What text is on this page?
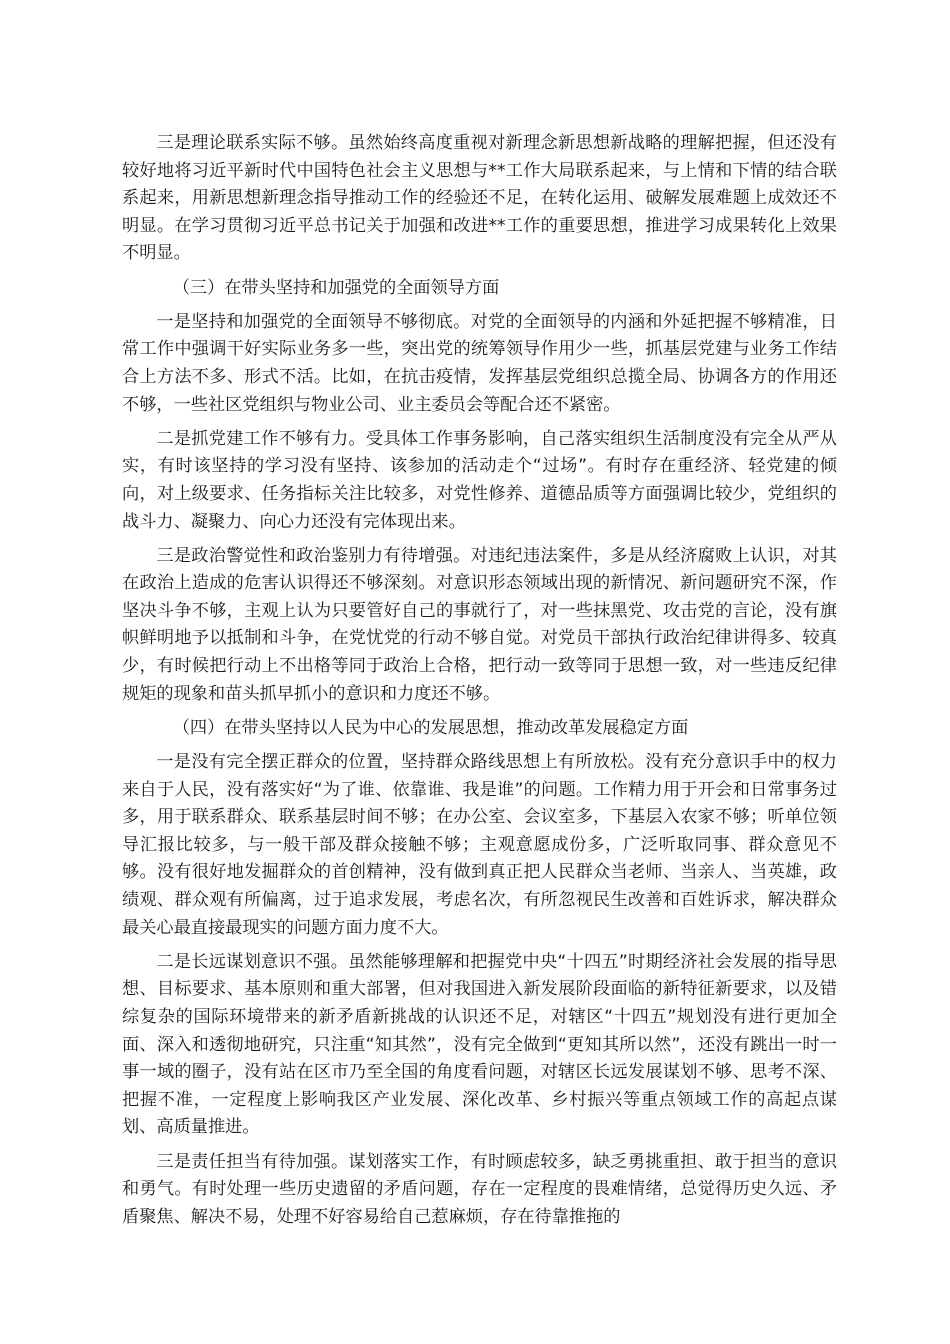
三是理论联系实际不够。虽然始终高度重视对新理念新思想新战略的理解把握，但还没有较好地将习近平新时代中国特色社会主义思想与**工作大局联系起来，与上情和下情的结合联系起来，用新思想新理念指导推动工作的经验还不足，在转化运用、破解发展难题上成效还不明显。在学习贯彻习近平总书记关于加强和改进**工作的重要思想，推进学习成果转化上效果不明显。

（三）在带头坚持和加强党的全面领导方面

一是坚持和加强党的全面领导不够彻底。对党的全面领导的内涵和外延把握不够精准，日常工作中强调干好实际业务多一些，突出党的统筹领导作用少一些，抓基层党建与业务工作结合上方法不多、形式不活。比如，在抗击疫情，发挥基层党组织总揽全局、协调各方的作用还不够，一些社区党组织与物业公司、业主委员会等配合还不紧密。

二是抓党建工作不够有力。受具体工作事务影响，自己落实组织生活制度没有完全从严从实，有时该坚持的学习没有坚持、该参加的活动走个“过场”。有时存在重经济、轻党建的倾向，对上级要求、任务指标关注比较多，对党性修养、道德品质等方面强调比较少，党组织的战斗力、凝聚力、向心力还没有完体现出来。

三是政治警觉性和政治鉴别力有待增强。对违纪违法案件，多是从经济腐败上认识，对其在政治上造成的危害认识得还不够深刻。对意识形态领域出现的新情况、新问题研究不深，作坚决斗争不够，主观上认为只要管好自己的事就行了，对一些抹黑党、攻击党的言论，没有旗帜鲜明地予以抵制和斗争，在党忧党的行动不够自觉。对党员干部执行政治纪律讲得多、较真少，有时候把行动上不出格等同于政治上合格，把行动一致等同于思想一致，对一些违反纪律规矩的现象和苗头抓早抓小的意识和力度还不够。

（四）在带头坚持以人民为中心的发展思想，推动改革发展稳定方面

一是没有完全摆正群众的位置，坚持群众路线思想上有所放松。没有充分意识手中的权力来自于人民，没有落实好“为了谁、依靠谁、我是谁”的问题。工作精力用于开会和日常事务过多，用于联系群众、联系基层时间不够；在办公室、会议室多，下基层入农家不够；听单位领导汇报比较多，与一般干部及群众接触不够；主观意愿成份多，广泛听取同事、群众意见不够。没有很好地发掘群众的首创精神，没有做到真正把人民群众当老师、当亲人、当英雄，政绩观、群众观有所偏离，过于追求发展，考虑名次，有所忽视民生改善和百姓诉求，解决群众最关心最直接最现实的问题方面力度不大。

二是长远谋划意识不强。虽然能够理解和把握党中央“十四五”时期经济社会发展的指导思想、目标要求、基本原则和重大部署，但对我国进入新发展阶段面临的新特征新要求，以及错综复杂的国际环境带来的新矛盾新挑战的认识还不足，对辖区“十四五”规划没有进行更加全面、深入和透彻地研究，只注重“知其然”，没有完全做到“更知其所以然”，还没有跳出一时一事一域的圈子，没有站在区市乃至全国的角度看问题，对辖区长远发展谋划不够、思考不深、把握不准，一定程度上影响我区产业发展、深化改革、乡村振兴等重点领域工作的高起点谋划、高质量推进。

三是责任担当有待加强。谋划落实工作，有时顾虑较多，缺乏勇挑重担、敢于担当的意识和勇气。有时处理一些历史遗留的矛盾问题，存在一定程度的畏难情绪，总觉得历史久远、矛盾聚焦、解决不易，处理不好容易给自己惹麻烦，存在待靠推拖的
